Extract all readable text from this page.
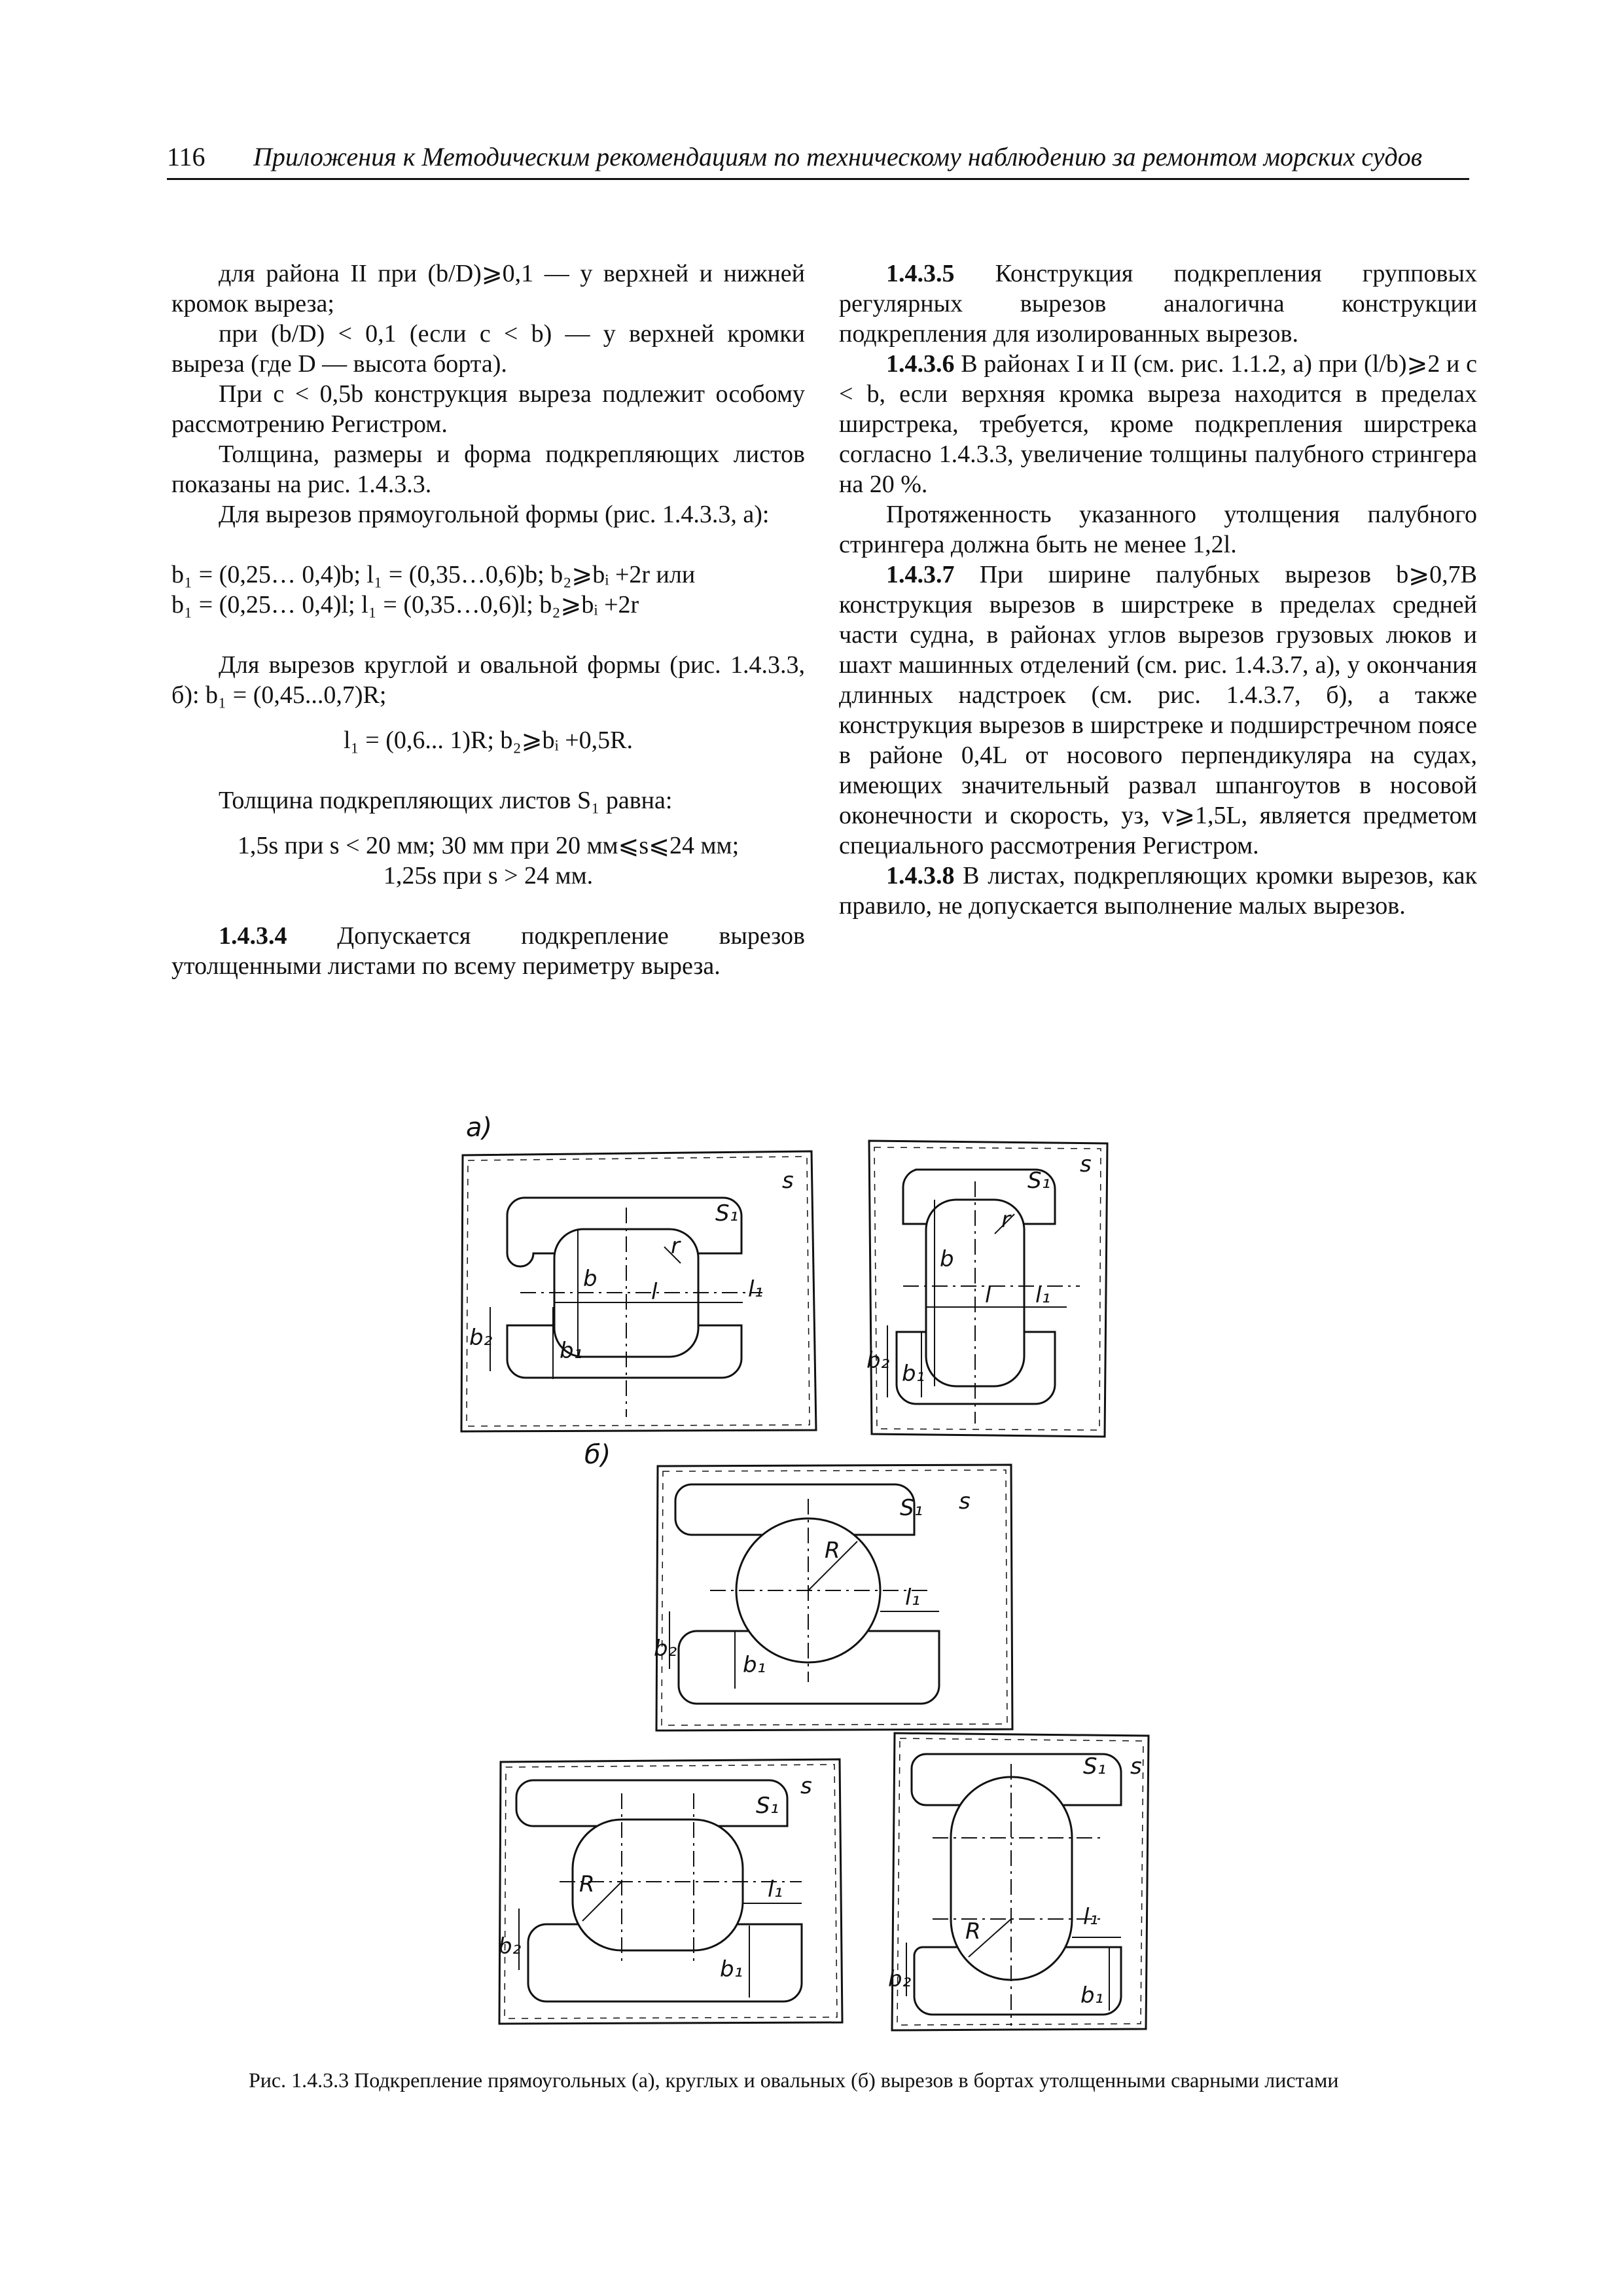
116 Приложения к Методическим рекомендациям по техническому наблюдению за ремонтом морских судов

для района II при (b/D)⩾0,1 — у верхней и нижней кромок выреза;

при (b/D) < 0,1 (если c < b) — у верхней кромки выреза (где D — высота борта).

При c < 0,5b конструкция выреза подлежит особому рассмотрению Регистром.

Толщина, размеры и форма подкрепляющих листов показаны на рис. 1.4.3.3.

Для вырезов прямоугольной формы (рис. 1.4.3.3, а):

b₁ = (0,25… 0,4)b; l₁ = (0,35…0,6)b; b₂⩾bᵢ +2r или

b₁ = (0,25… 0,4)l; l₁ = (0,35…0,6)l; b₂⩾bᵢ +2r

Для вырезов круглой и овальной формы (рис. 1.4.3.3, б): b₁ = (0,45...0,7)R;

l₁ = (0,6... 1)R; b₂⩾bᵢ +0,5R.

Толщина подкрепляющих листов S₁ равна:

1,5s при s < 20 мм; 30 мм при 20 мм⩽s⩽24 мм;

1,25s при s > 24 мм.

1.4.3.4 Допускается подкрепление вырезов утолщенными листами по всему периметру выреза.

1.4.3.5 Конструкция подкрепления групповых регулярных вырезов аналогична конструкции подкрепления для изолированных вырезов.

1.4.3.6 В районах I и II (см. рис. 1.1.2, а) при (l/b)⩾2 и c < b, если верхняя кромка выреза находится в пределах ширстрека, требуется, кроме подкрепления ширстрека согласно 1.4.3.3, увеличение толщины палубного стрингера на 20 %.

Протяженность указанного утолщения палубного стрингера должна быть не менее 1,2l.

1.4.3.7 При ширине палубных вырезов b⩾0,7B конструкция вырезов в ширстреке в пределах средней части судна, в районах углов вырезов грузовых люков и шахт машинных отделений (см. рис. 1.4.3.7, а), у окончания длинных надстроек (см. рис. 1.4.3.7, б), а также конструкция вырезов в ширстреке и подширстречном поясе в районе 0,4L от носового перпендикуляра на судах, имеющих значительный развал шпангоутов в носовой оконечности и скорость, уз, v⩾1,5L, является предметом специального рассмотрения Регистром.

1.4.3.8 В листах, подкрепляющих кромки вырезов, как правило, не допускается выполнение малых вырезов.

а)
s
S₁
r
b l	l₁
b₂	b₁
s
S₁
r
b
l l₁
b₂ b₁
б)
s
S₁
R
l₁
b₂
b₁
s
S₁
R	l₁
b₂
b₁
s
S₁
R
l₁
b₂
b₁
Рис. 1.4.3.3 Подкрепление прямоугольных (а), круглых и овальных (б) вырезов в бортах утолщенными сварными листами
